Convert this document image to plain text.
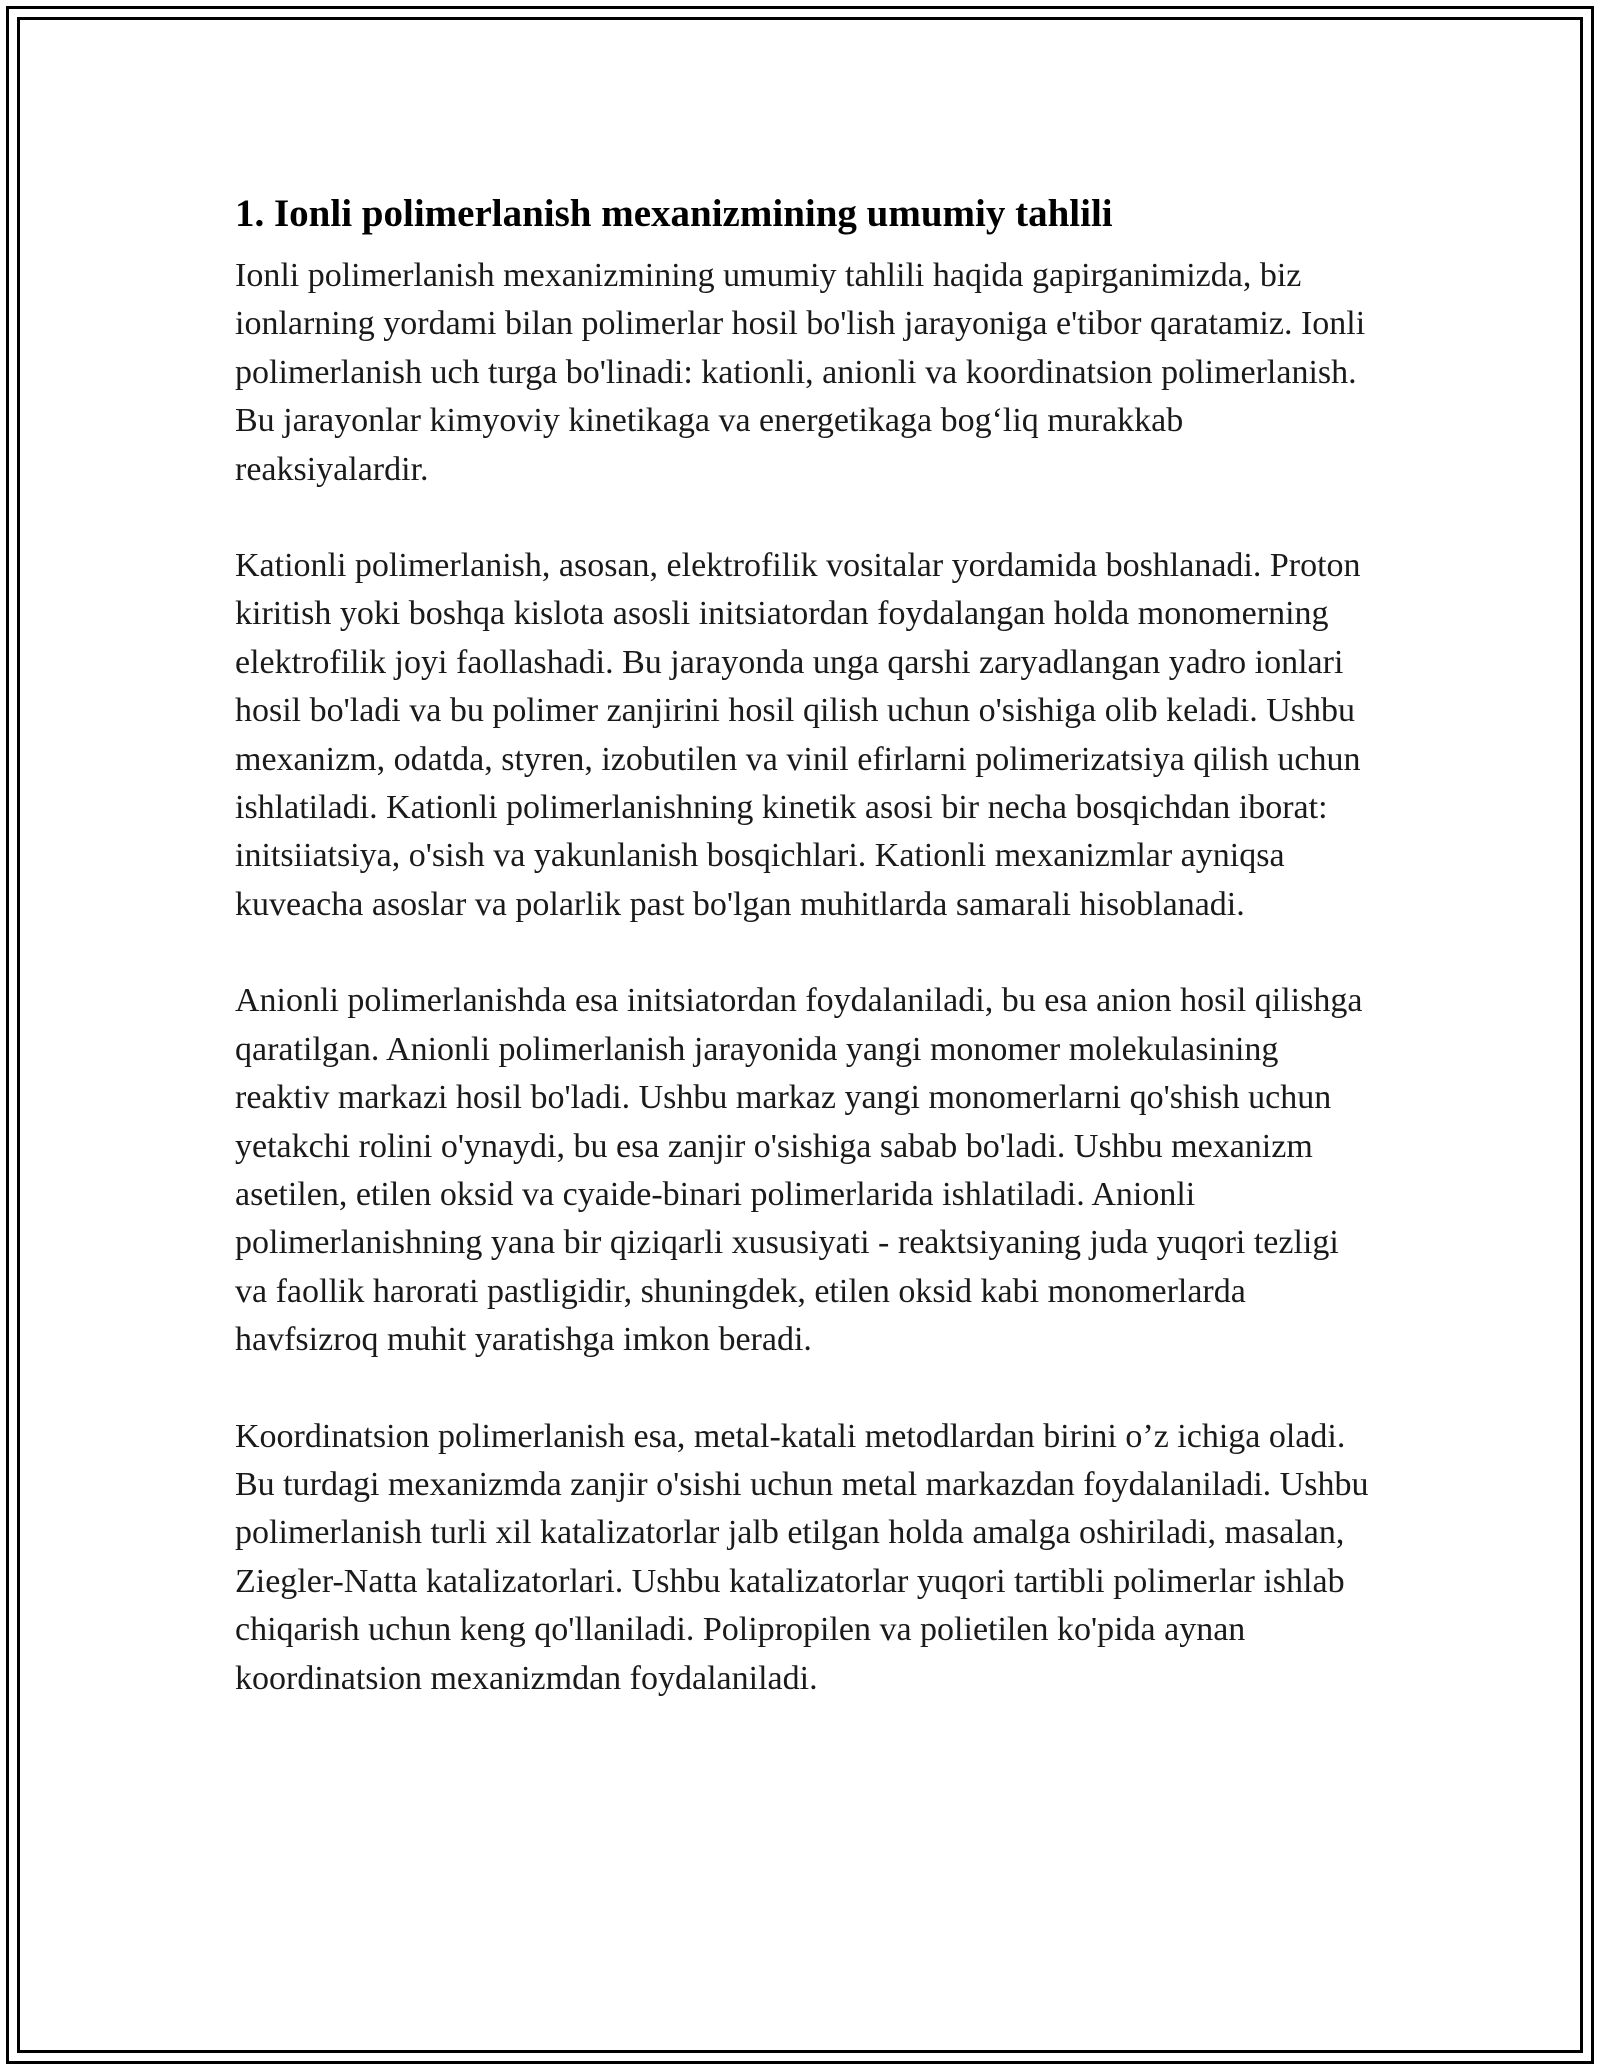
1. Ionli polimerlanish mexanizmining umumiy tahlili

Ionli polimerlanish mexanizmining umumiy tahlili haqida gapirganimizda, biz ionlarning yordami bilan polimerlar hosil bo'lish jarayoniga e'tibor qaratamiz. Ionli polimerlanish uch turga bo'linadi: kationli, anionli va koordinatsion polimerlanish. Bu jarayonlar kimyoviy kinetikaga va energetikaga bog‘liq murakkab reaksiyalardir.

Kationli polimerlanish, asosan, elektrofilik vositalar yordamida boshlanadi. Proton kiritish yoki boshqa kislota asosli initsiatordan foydalangan holda monomerning elektrofilik joyi faollashadi. Bu jarayonda unga qarshi zaryadlangan yadro ionlari hosil bo'ladi va bu polimer zanjirini hosil qilish uchun o'sishiga olib keladi. Ushbu mexanizm, odatda, styren, izobutilen va vinil efirlarni polimerizatsiya qilish uchun ishlatiladi. Kationli polimerlanishning kinetik asosi bir necha bosqichdan iborat: initsiiatsiya, o'sish va yakunlanish bosqichlari. Kationli mexanizmlar ayniqsa kuveacha asoslar va polarlik past bo'lgan muhitlarda samarali hisoblanadi.

Anionli polimerlanishda esa initsiatordan foydalaniladi, bu esa anion hosil qilishga qaratilgan. Anionli polimerlanish jarayonida yangi monomer molekulasining reaktiv markazi hosil bo'ladi. Ushbu markaz yangi monomerlarni qo'shish uchun yetakchi rolini o'ynaydi, bu esa zanjir o'sishiga sabab bo'ladi. Ushbu mexanizm asetilen, etilen oksid va cyaide-binari polimerlarida ishlatiladi. Anionli polimerlanishning yana bir qiziqarli xususiyati - reaktsiyaning juda yuqori tezligi va faollik harorati pastligidir, shuningdek, etilen oksid kabi monomerlarda havfsizroq muhit yaratishga imkon beradi.

Koordinatsion polimerlanish esa, metal-katali metodlardan birini o’z ichiga oladi. Bu turdagi mexanizmda zanjir o'sishi uchun metal markazdan foydalaniladi. Ushbu polimerlanish turli xil katalizatorlar jalb etilgan holda amalga oshiriladi, masalan, Ziegler-Natta katalizatorlari. Ushbu katalizatorlar yuqori tartibli polimerlar ishlab chiqarish uchun keng qo'llaniladi. Polipropilen va polietilen ko'pida aynan koordinatsion mexanizmdan foydalaniladi.
